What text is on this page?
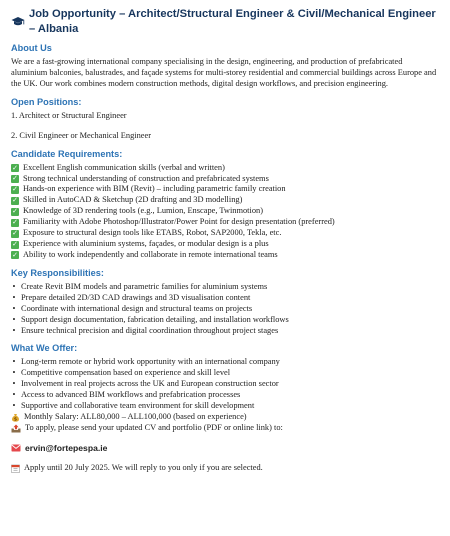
Job Opportunity – Architect/Structural Engineer & Civil/Mechanical Engineer – Albania
About Us

We are a fast-growing international company specialising in the design, engineering, and production of prefabricated aluminium balconies, balustrades, and façade systems for multi-storey residential and commercial buildings across Europe and the UK. Our work combines modern construction methods, digital design workflows, and precision engineering.

Open Positions:

1. Architect or Structural Engineer

2. Civil Engineer or Mechanical Engineer

Candidate Requirements:
✓ Excellent English communication skills (verbal and written)
✓ Strong technical understanding of construction and prefabricated systems
✓ Hands-on experience with BIM (Revit) – including parametric family creation
✓ Skilled in AutoCAD & Sketchup (2D drafting and 3D modelling)
✓ Knowledge of 3D rendering tools (e.g., Lumion, Enscape, Twinmotion)
✓ Familiarity with Adobe Photoshop/Illustrator/Power Point for design presentation (preferred)
✓ Exposure to structural design tools like ETABS, Robot, SAP2000, Tekla, etc.
✓ Experience with aluminium systems, façades, or modular design is a plus
✓ Ability to work independently and collaborate in remote international teams
Key Responsibilities:
• Create Revit BIM models and parametric families for aluminium systems
• Prepare detailed 2D/3D CAD drawings and 3D visualisation content
• Coordinate with international design and structural teams on projects
• Support design documentation, fabrication detailing, and installation workflows
• Ensure technical precision and digital coordination throughout project stages
What We Offer:
• Long-term remote or hybrid work opportunity with an international company
• Competitive compensation based on experience and skill level
• Involvement in real projects across the UK and European construction sector
• Access to advanced BIM workflows and prefabrication processes
• Supportive and collaborative team environment for skill development
$ Monthly Salary: ALL80,000 – ALL100,000 (based on experience)
To apply, please send your updated CV and portfolio (PDF or online link) to:
ervin@fortepespa.ie
Apply until 20 July 2025. We will reply to you only if you are selected.
